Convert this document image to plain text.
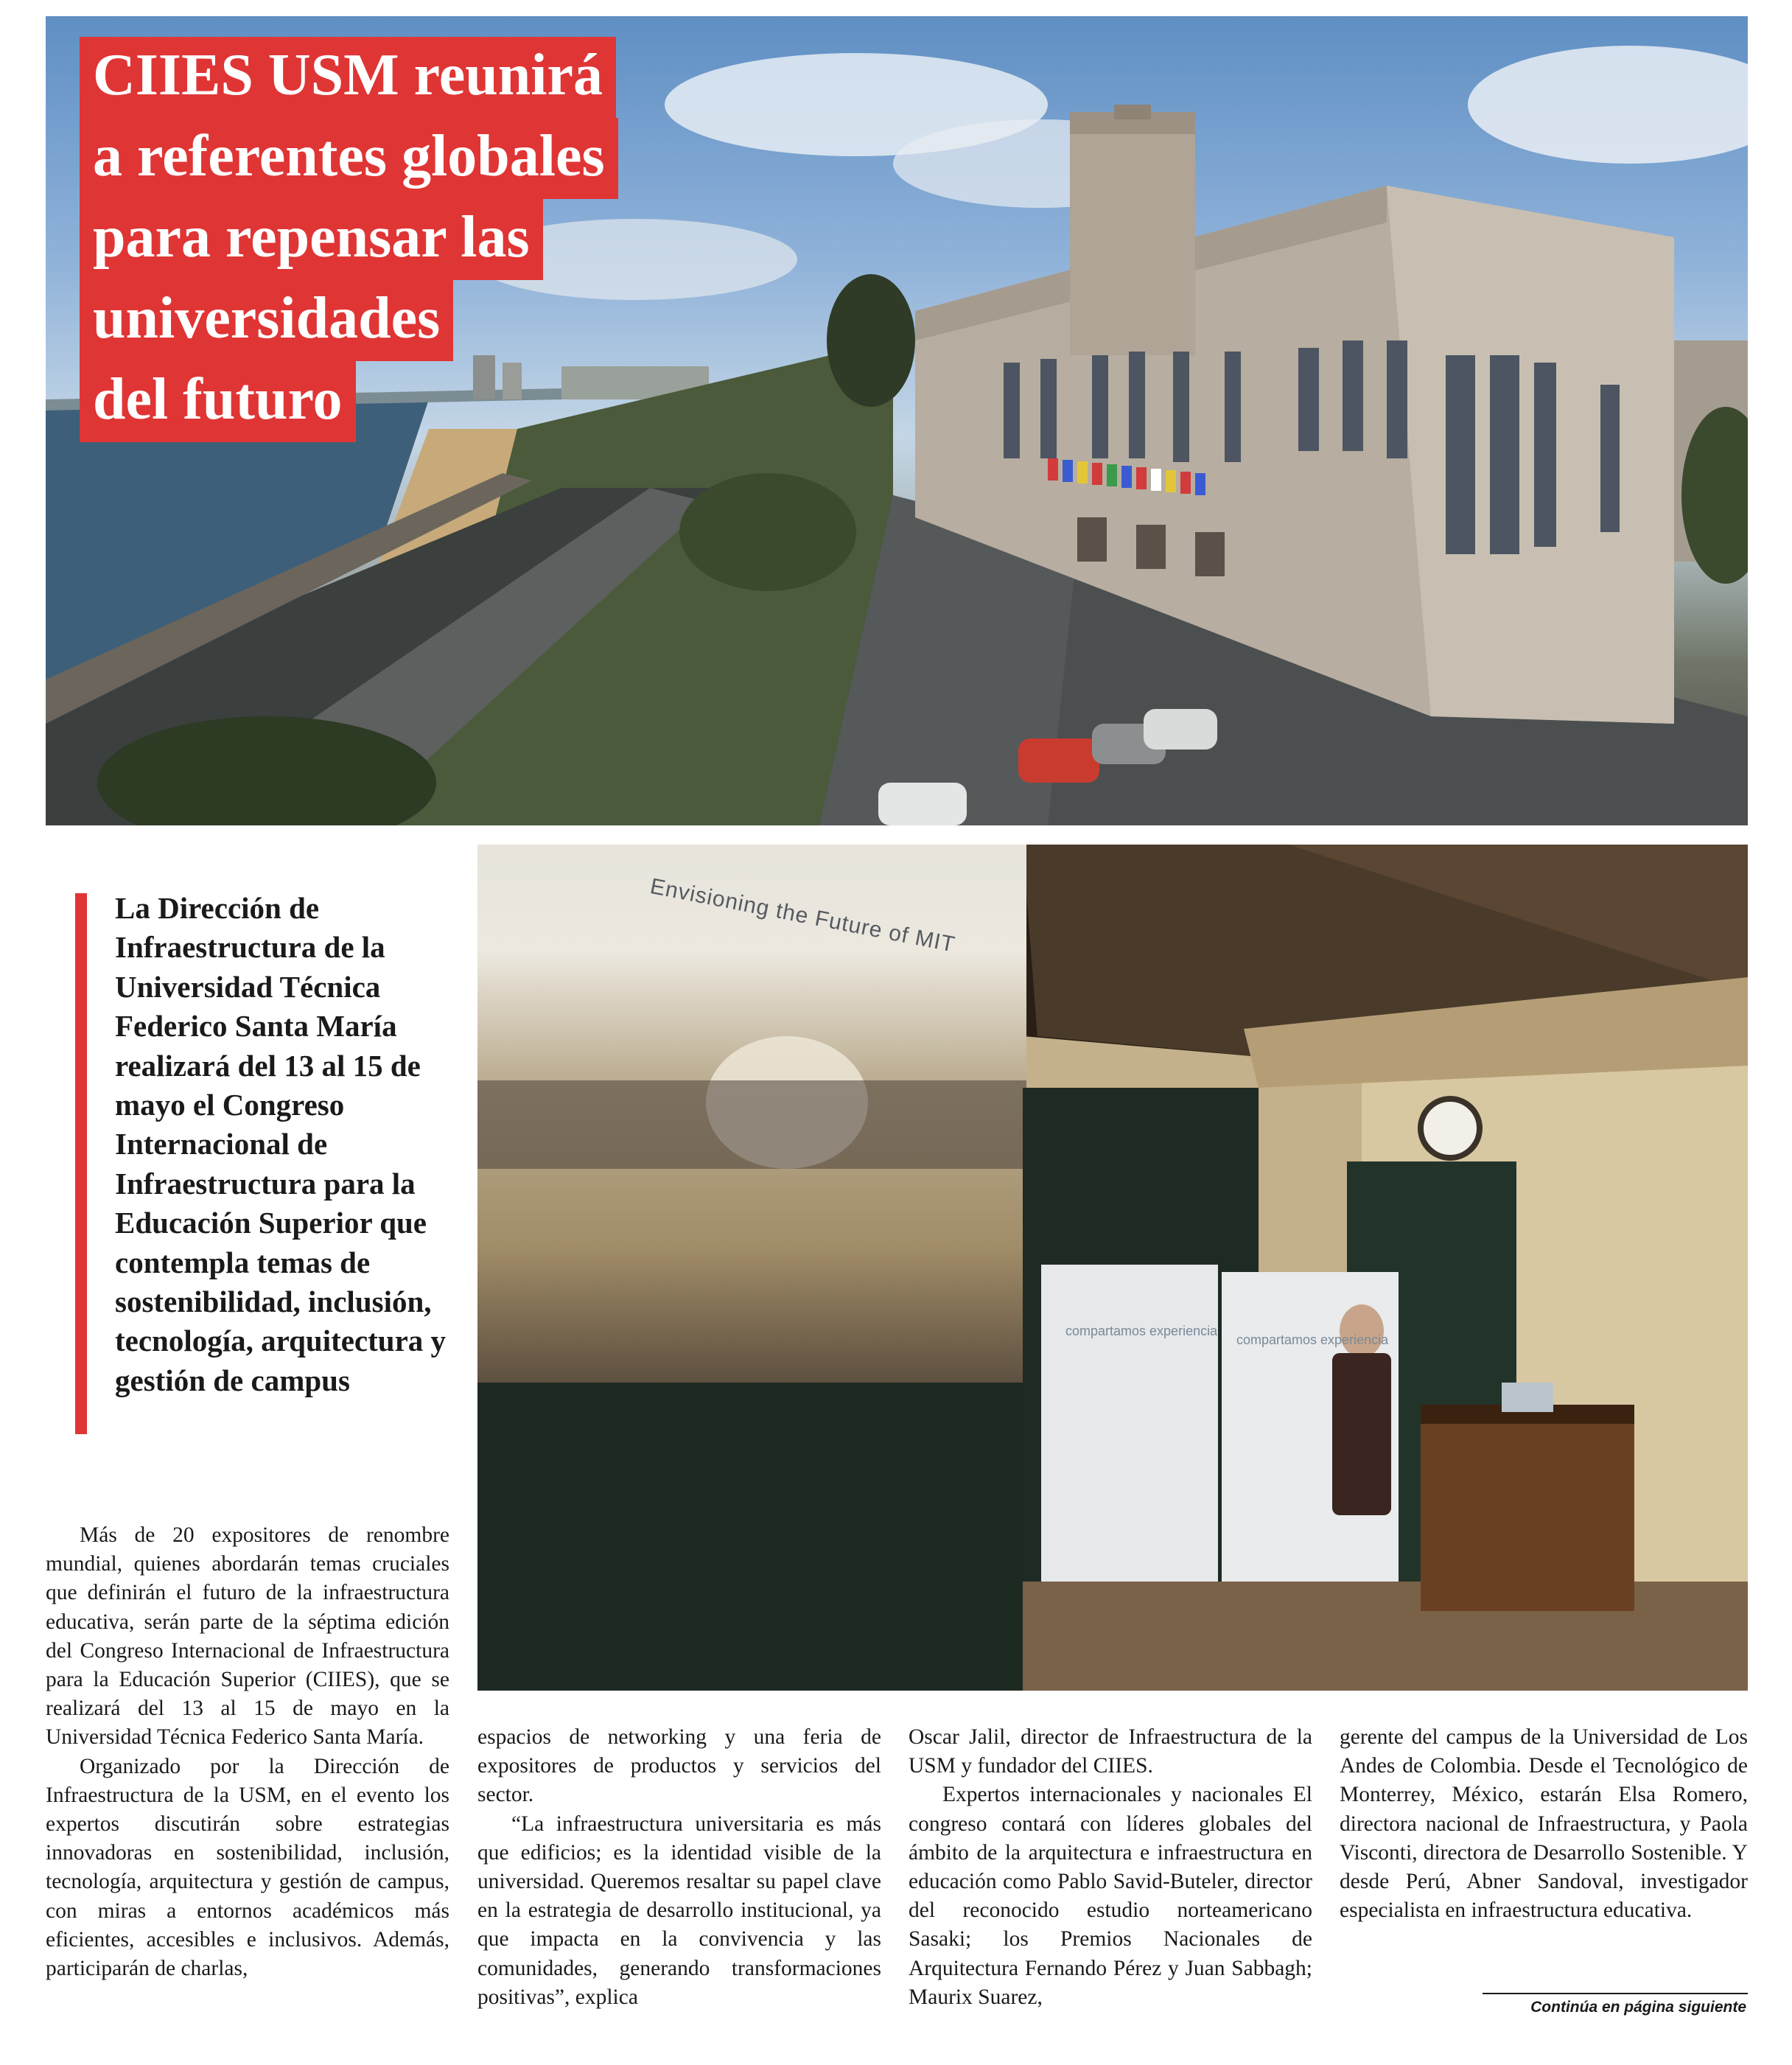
CIIES USM reunirá
a referentes globales
para repensar las
universidades
del futuro
Envisioning the Future of MIT
compartamos experiencia
compartamos experiencia

La Dirección de Infraestructura de la Universidad Técnica Federico Santa María realizará del 13 al 15 de mayo el Congreso Internacional de Infraestructura para la Educación Superior que contempla temas de sostenibilidad, inclusión, tecnología, arquitectura y gestión de campus

Más de 20 expositores de renombre mundial, quienes abordarán temas cruciales que definirán el futuro de la infraestructura educativa, serán parte de la séptima edición del Congreso Internacional de Infraestructura para la Educación Superior (CIIES), que se realizará del 13 al 15 de mayo en la Universidad Técnica Federico Santa María.

Organizado por la Dirección de Infraestructura de la USM, en el evento los expertos discutirán sobre estrategias innovadoras en sostenibilidad, inclusión, tecnología, arquitectura y gestión de campus, con miras a entornos académicos más eficientes, accesibles e inclusivos. Además, participarán de charlas,

espacios de networking y una feria de expositores de productos y servicios del sector.

“La infraestructura universitaria es más que edificios; es la identidad visible de la universidad. Queremos resaltar su papel clave en la estrategia de desarrollo institucional, ya que impacta en la convivencia y las comunidades, generando transformaciones positivas”, explica

Oscar Jalil, director de Infraestructura de la USM y fundador del CIIES.

Expertos internacionales y nacionales El congreso contará con líderes globales del ámbito de la arquitectura e infraestructura en educación como Pablo Savid-Buteler, director del reconocido estudio norteamericano Sasaki; los Premios Nacionales de Arquitectura Fernando Pérez y Juan Sabbagh; Maurix Suarez,

gerente del campus de la Universidad de Los Andes de Colombia. Desde el Tecnológico de Monterrey, México, estarán Elsa Romero, directora nacional de Infraestructura, y Paola Visconti, directora de Desarrollo Sostenible. Y desde Perú, Abner Sandoval, investigador especialista en infraestructura educativa.

Continúa en página siguiente
